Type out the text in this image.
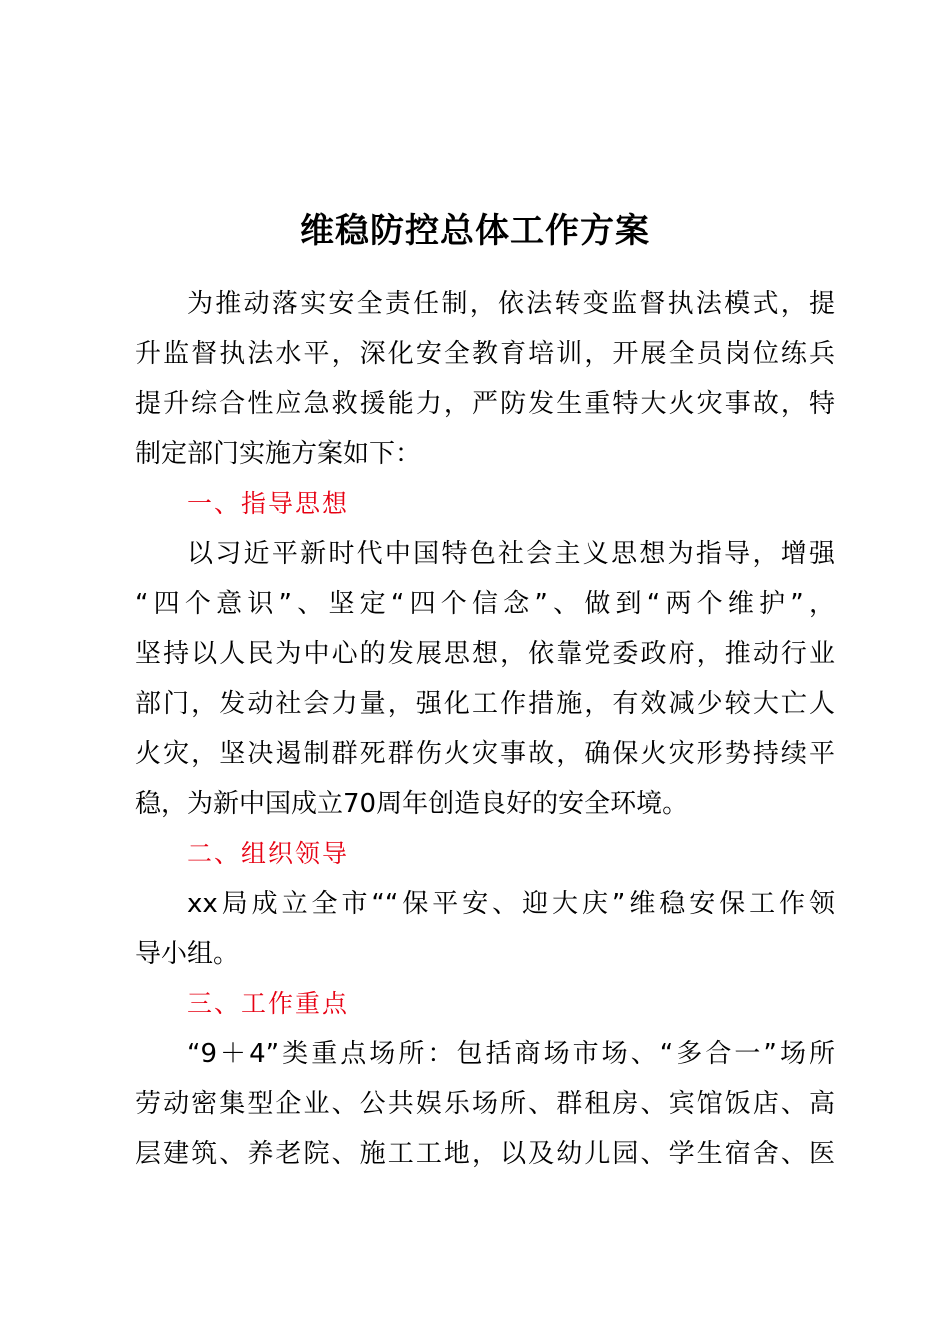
维稳防控总体工作方案
为推动落实安全责任制，依法转变监督执法模式，提
升监督执法水平，深化安全教育培训，开展全员岗位练兵
提升综合性应急救援能力，严防发生重特大火灾事故，特
制定部门实施方案如下：
一、指导思想
以习近平新时代中国特色社会主义思想为指导，增强
“四个意识”、坚定“四个信念”、做到“两个维护”，
坚持以人民为中心的发展思想，依靠党委政府，推动行业
部门，发动社会力量，强化工作措施，有效减少较大亡人
火灾，坚决遏制群死群伤火灾事故，确保火灾形势持续平
稳，为新中国成立70周年创造良好的安全环境。
二、组织领导
xx局成立全市““保平安、迎大庆”维稳安保工作领
导小组。
三、工作重点
“9＋4”类重点场所：包括商场市场、“多合一”场所
劳动密集型企业、公共娱乐场所、群租房、宾馆饭店、高
层建筑、养老院、施工工地，以及幼儿园、学生宿舍、医
